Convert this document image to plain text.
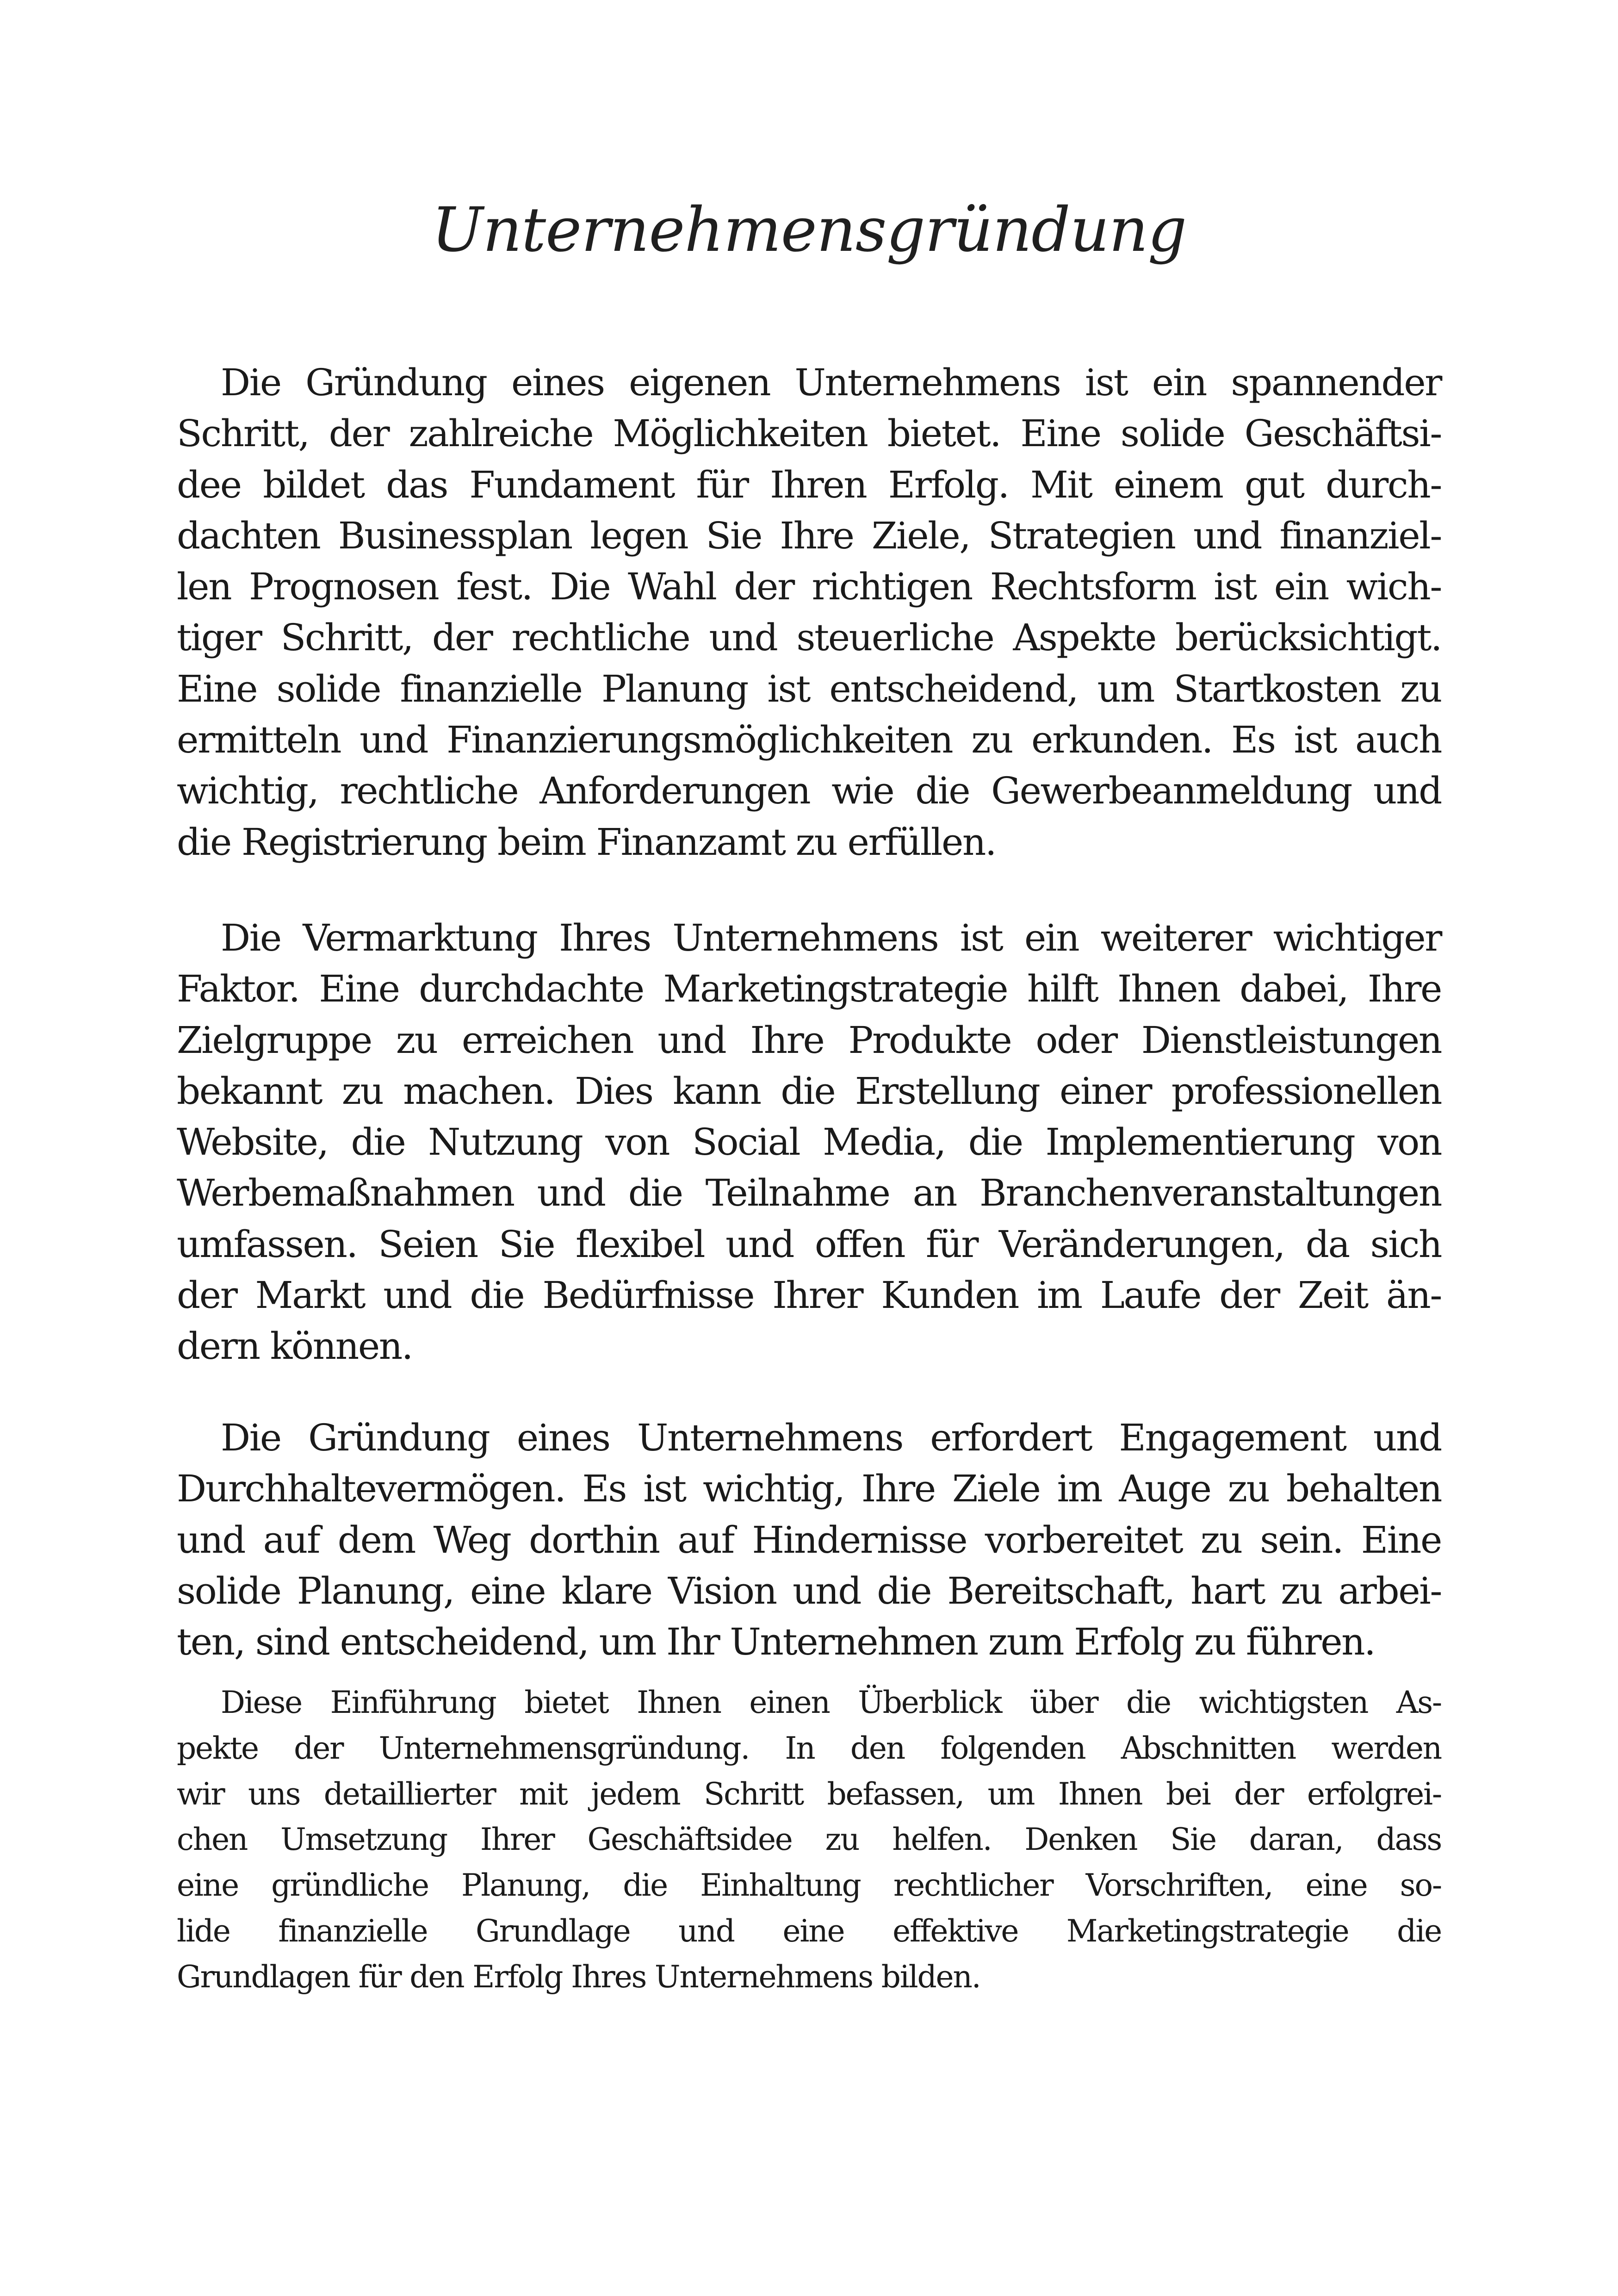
Unternehmensgründung
Die Gründung eines eigenen Unternehmens ist ein spannender
Schritt, der zahlreiche Möglichkeiten bietet. Eine solide Geschäftsi-
dee bildet das Fundament für Ihren Erfolg. Mit einem gut durch-
dachten Businessplan legen Sie Ihre Ziele, Strategien und finanziel-
len Prognosen fest. Die Wahl der richtigen Rechtsform ist ein wich-
tiger Schritt, der rechtliche und steuerliche Aspekte berücksichtigt.
Eine solide finanzielle Planung ist entscheidend, um Startkosten zu
ermitteln und Finanzierungsmöglichkeiten zu erkunden. Es ist auch
wichtig, rechtliche Anforderungen wie die Gewerbeanmeldung und
die Registrierung beim Finanzamt zu erfüllen.
Die Vermarktung Ihres Unternehmens ist ein weiterer wichtiger
Faktor. Eine durchdachte Marketingstrategie hilft Ihnen dabei, Ihre
Zielgruppe zu erreichen und Ihre Produkte oder Dienstleistungen
bekannt zu machen. Dies kann die Erstellung einer professionellen
Website, die Nutzung von Social Media, die Implementierung von
Werbemaßnahmen und die Teilnahme an Branchenveranstaltungen
umfassen. Seien Sie flexibel und offen für Veränderungen, da sich
der Markt und die Bedürfnisse Ihrer Kunden im Laufe der Zeit än-
dern können.
Die Gründung eines Unternehmens erfordert Engagement und
Durchhaltevermögen. Es ist wichtig, Ihre Ziele im Auge zu behalten
und auf dem Weg dorthin auf Hindernisse vorbereitet zu sein. Eine
solide Planung, eine klare Vision und die Bereitschaft, hart zu arbei-
ten, sind entscheidend, um Ihr Unternehmen zum Erfolg zu führen.
Diese Einführung bietet Ihnen einen Überblick über die wichtigsten As-
pekte der Unternehmensgründung. In den folgenden Abschnitten werden
wir uns detaillierter mit jedem Schritt befassen, um Ihnen bei der erfolgrei-
chen Umsetzung Ihrer Geschäftsidee zu helfen. Denken Sie daran, dass
eine gründliche Planung, die Einhaltung rechtlicher Vorschriften, eine so-
lide finanzielle Grundlage und eine effektive Marketingstrategie die
Grundlagen für den Erfolg Ihres Unternehmens bilden.
